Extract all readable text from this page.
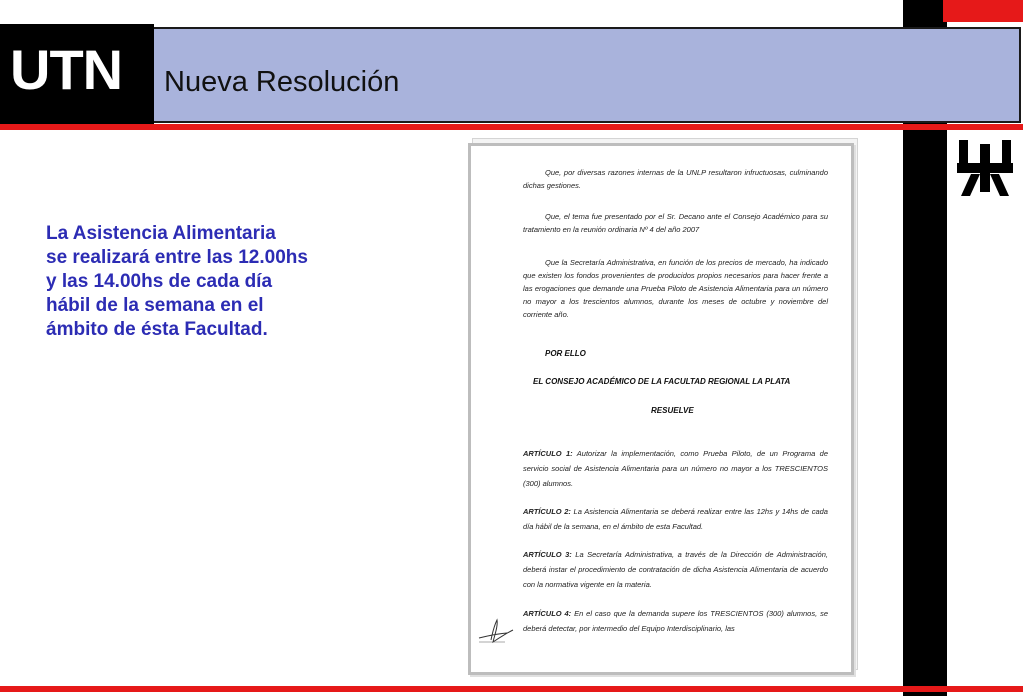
UTN Nueva Resolución
La Asistencia Alimentaria
se realizará entre las 12.00hs
y las 14.00hs de cada día
hábil de la semana en el
ámbito de ésta Facultad.
Que, por diversas razones internas de la UNLP resultaron infructuosas, culminando dichas gestiones.
Que, el tema fue presentado por el Sr. Decano ante el Consejo Académico para su tratamiento en la reunión ordinaria Nº 4 del año 2007
Que la Secretaría Administrativa, en función de los precios de mercado, ha indicado que existen los fondos provenientes de producidos propios necesarios para hacer frente a las erogaciones que demande una Prueba Piloto de Asistencia Alimentaria para un número no mayor a los trescientos alumnos, durante los meses de octubre y noviembre del corriente año.
POR ELLO
EL CONSEJO ACADÉMICO DE LA FACULTAD REGIONAL LA PLATA
RESUELVE
ARTÍCULO 1: Autorizar la implementación, como Prueba Piloto, de un Programa de servicio social de Asistencia Alimentaria para un número no mayor a los TRESCIENTOS (300) alumnos.
ARTÍCULO 2: La Asistencia Alimentaria se deberá realizar entre las 12hs y 14hs de cada día hábil de la semana, en el ámbito de esta Facultad.
ARTÍCULO 3: La Secretaría Administrativa, a través de la Dirección de Administración, deberá instar el procedimiento de contratación de dicha Asistencia Alimentaria de acuerdo con la normativa vigente en la materia.
ARTÍCULO 4: En el caso que la demanda supere los TRESCIENTOS (300) alumnos, se deberá detectar, por intermedio del Equipo Interdisciplinario, las
